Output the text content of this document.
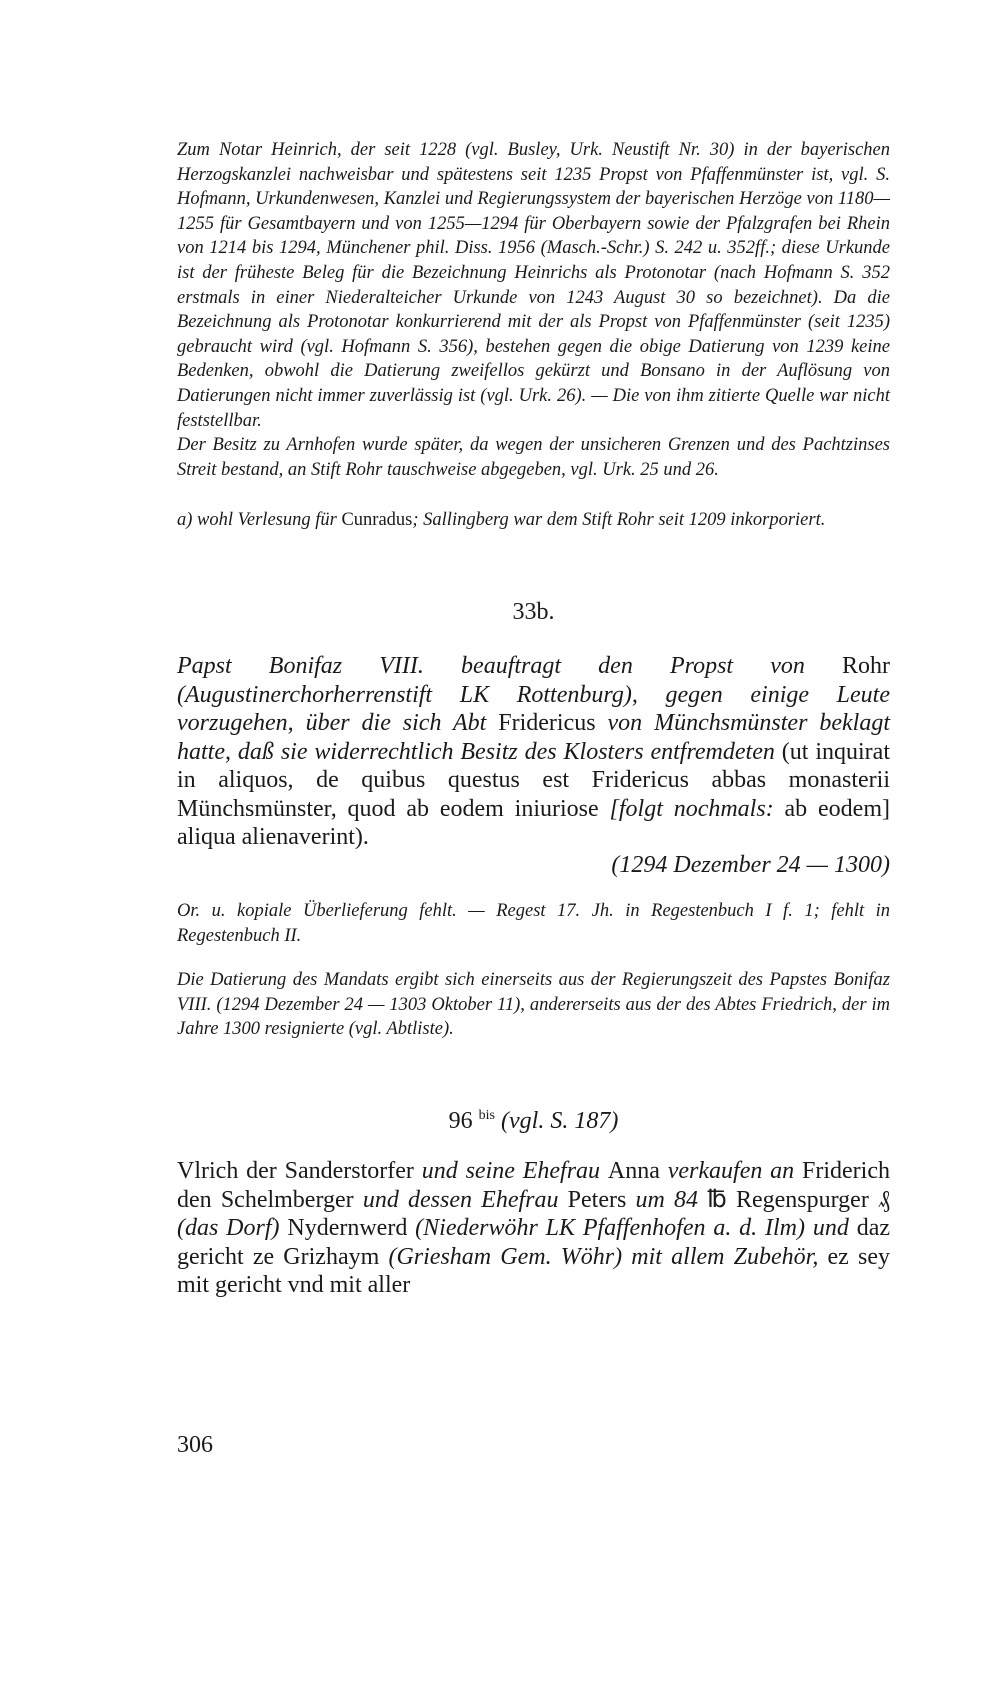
Zum Notar Heinrich, der seit 1228 (vgl. Busley, Urk. Neustift Nr. 30) in der bayerischen Herzogskanzlei nachweisbar und spätestens seit 1235 Propst von Pfaffenmünster ist, vgl. S. Hofmann, Urkundenwesen, Kanzlei und Regierungssystem der bayerischen Herzöge von 1180—1255 für Gesamtbayern und von 1255—1294 für Oberbayern sowie der Pfalzgrafen bei Rhein von 1214 bis 1294, Münchener phil. Diss. 1956 (Masch.-Schr.) S. 242 u. 352ff.; diese Urkunde ist der früheste Beleg für die Bezeichnung Heinrichs als Protonotar (nach Hofmann S. 352 erstmals in einer Niederalteicher Urkunde von 1243 August 30 so bezeichnet). Da die Bezeichnung als Protonotar konkurrierend mit der als Propst von Pfaffenmünster (seit 1235) gebraucht wird (vgl. Hofmann S. 356), bestehen gegen die obige Datierung von 1239 keine Bedenken, obwohl die Datierung zweifellos gekürzt und Bonsano in der Auflösung von Datierungen nicht immer zuverlässig ist (vgl. Urk. 26). — Die von ihm zitierte Quelle war nicht feststellbar.

Der Besitz zu Arnhofen wurde später, da wegen der unsicheren Grenzen und des Pachtzinses Streit bestand, an Stift Rohr tauschweise abgegeben, vgl. Urk. 25 und 26.

a) wohl Verlesung für Cunradus; Sallingberg war dem Stift Rohr seit 1209 inkorporiert.

33b.

Papst Bonifaz VIII. beauftragt den Propst von Rohr (Augustinerchorherrenstift LK Rottenburg), gegen einige Leute vorzugehen, über die sich Abt Fridericus von Münchsmünster beklagt hatte, daß sie widerrechtlich Besitz des Klosters entfremdeten (ut inquirat in aliquos, de quibus questus est Fridericus abbas monasterii Münchsmünster, quod ab eodem iniuriose [folgt nochmals: ab eodem] aliqua alienaverint).

(1294 Dezember 24 — 1300)

Or. u. kopiale Überlieferung fehlt. — Regest 17. Jh. in Regestenbuch I f. 1; fehlt in Regestenbuch II.

Die Datierung des Mandats ergibt sich einerseits aus der Regierungszeit des Papstes Bonifaz VIII. (1294 Dezember 24 — 1303 Oktober 11), andererseits aus der des Abtes Friedrich, der im Jahre 1300 resignierte (vgl. Abtliste).

96 $^{bis}$ (vgl. S. 187)

Vlrich der Sanderstorfer und seine Ehefrau Anna verkaufen an Friderich den Schelmberger und dessen Ehefrau Peters um 84 ℔ Regenspurger ₰ (das Dorf) Nydernwerd (Niederwöhr LK Pfaffenhofen a. d. Ilm) und daz gericht ze Grizhaym (Griesham Gem. Wöhr) mit allem Zubehör, ez sey mit gericht vnd mit aller

306
